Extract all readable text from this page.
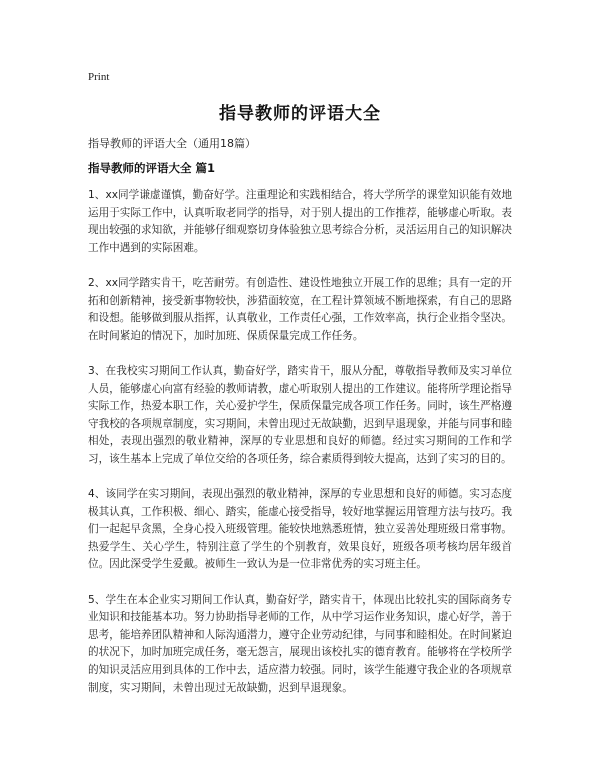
Print
指导教师的评语大全
指导教师的评语大全（通用18篇）
指导教师的评语大全 篇1

1、xx同学谦虚谨慎，勤奋好学。注重理论和实践相结合，将大学所学的课堂知识能有效地运用于实际工作中，认真听取老同学的指导，对于别人提出的工作推荐，能够虚心听取。表现出较强的求知欲，并能够仔细观察切身体验独立思考综合分析，灵活运用自己的知识解决工作中遇到的实际困难。

2、xx同学踏实肯干，吃苦耐劳。有创造性、建设性地独立开展工作的思维；具有一定的开拓和创新精神，接受新事物较快，涉猎面较宽，在工程计算领域不断地探索，有自己的思路和设想。能够做到服从指挥，认真敬业，工作责任心强，工作效率高，执行企业指令坚决。在时间紧迫的情况下，加时加班、保质保量完成工作任务。

3、在我校实习期间工作认真，勤奋好学，踏实肯干，服从分配，尊敬指导教师及实习单位人员，能够虚心向富有经验的教师请教，虚心听取别人提出的工作建议。能将所学理论指导实际工作，热爱本职工作，关心爱护学生，保质保量完成各项工作任务。同时，该生严格遵守我校的各项规章制度，实习期间，未曾出现过无故缺勤，迟到早退现象，并能与同事和睦相处，表现出强烈的敬业精神，深厚的专业思想和良好的师德。经过实习期间的工作和学习，该生基本上完成了单位交给的各项任务，综合素质得到较大提高，达到了实习的目的。

4、该同学在实习期间，表现出强烈的敬业精神，深厚的专业思想和良好的师德。实习态度极其认真，工作积极、细心、踏实，能虚心接受指导，较好地掌握运用管理方法与技巧。我们一起起早贪黑，全身心投入班级管理。能较快地熟悉班情，独立妥善处理班级日常事物。热爱学生、关心学生，特别注意了学生的个别教育，效果良好，班级各项考核均居年级首位。因此深受学生爱戴。被师生一致认为是一位非常优秀的实习班主任。

5、学生在本企业实习期间工作认真，勤奋好学，踏实肯干，体现出比较扎实的国际商务专业知识和技能基本功。努力协助指导老师的工作，从中学习运作业务知识，虚心好学，善于思考，能培养团队精神和人际沟通潜力，遵守企业劳动纪律，与同事和睦相处。在时间紧迫的状况下，加时加班完成任务，毫无怨言，展现出该校扎实的德育教育。能够将在学校所学的知识灵活应用到具体的工作中去，适应潜力较强。同时，该学生能遵守我企业的各项规章制度，实习期间，未曾出现过无故缺勤，迟到早退现象。
